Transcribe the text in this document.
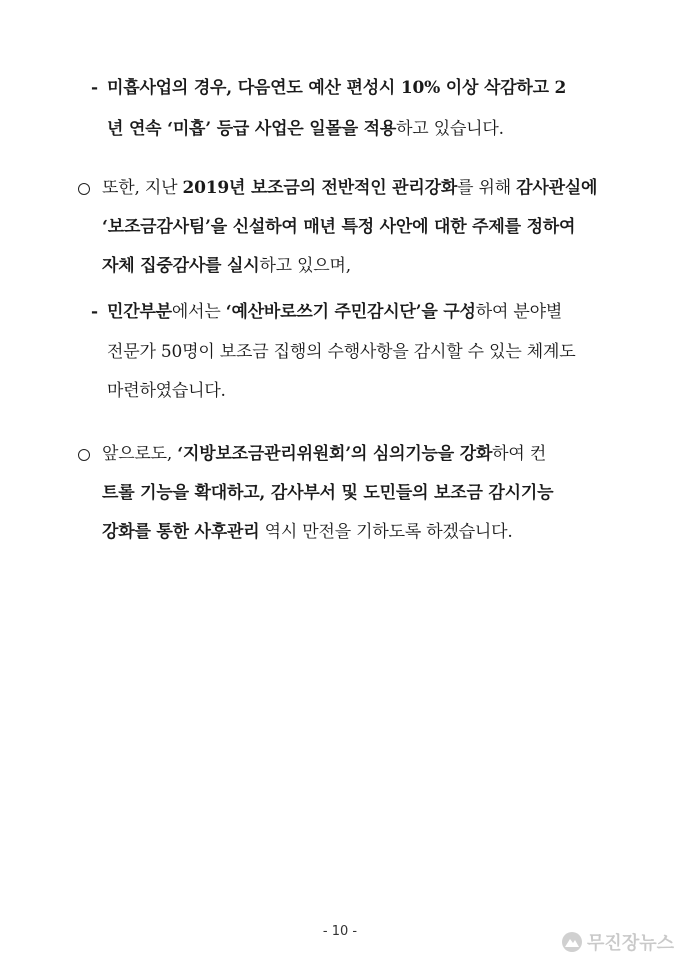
- 미흡사업의 경우, 다음연도 예산 편성시 10% 이상 삭감하고 2
년 연속 ‘미흡’ 등급 사업은 일몰을 적용하고 있습니다.
또한, 지난 2019년 보조금의 전반적인 관리강화를 위해 감사관실에
‘보조금감사팀’을 신설하여 매년 특정 사안에 대한 주제를 정하여
자체 집중감사를 실시하고 있으며,
- 민간부분에서는 ‘예산바로쓰기 주민감시단’을 구성하여 분야별
전문가 50명이 보조금 집행의 수행사항을 감시할 수 있는 체계도
마련하였습니다.
앞으로도, ‘지방보조금관리위원회’의 심의기능을 강화하여 컨
트롤 기능을 확대하고, 감사부서 및 도민들의 보조금 감시기능
강화를 통한 사후관리 역시 만전을 기하도록 하겠습니다.
- 10 -
무진장뉴스
